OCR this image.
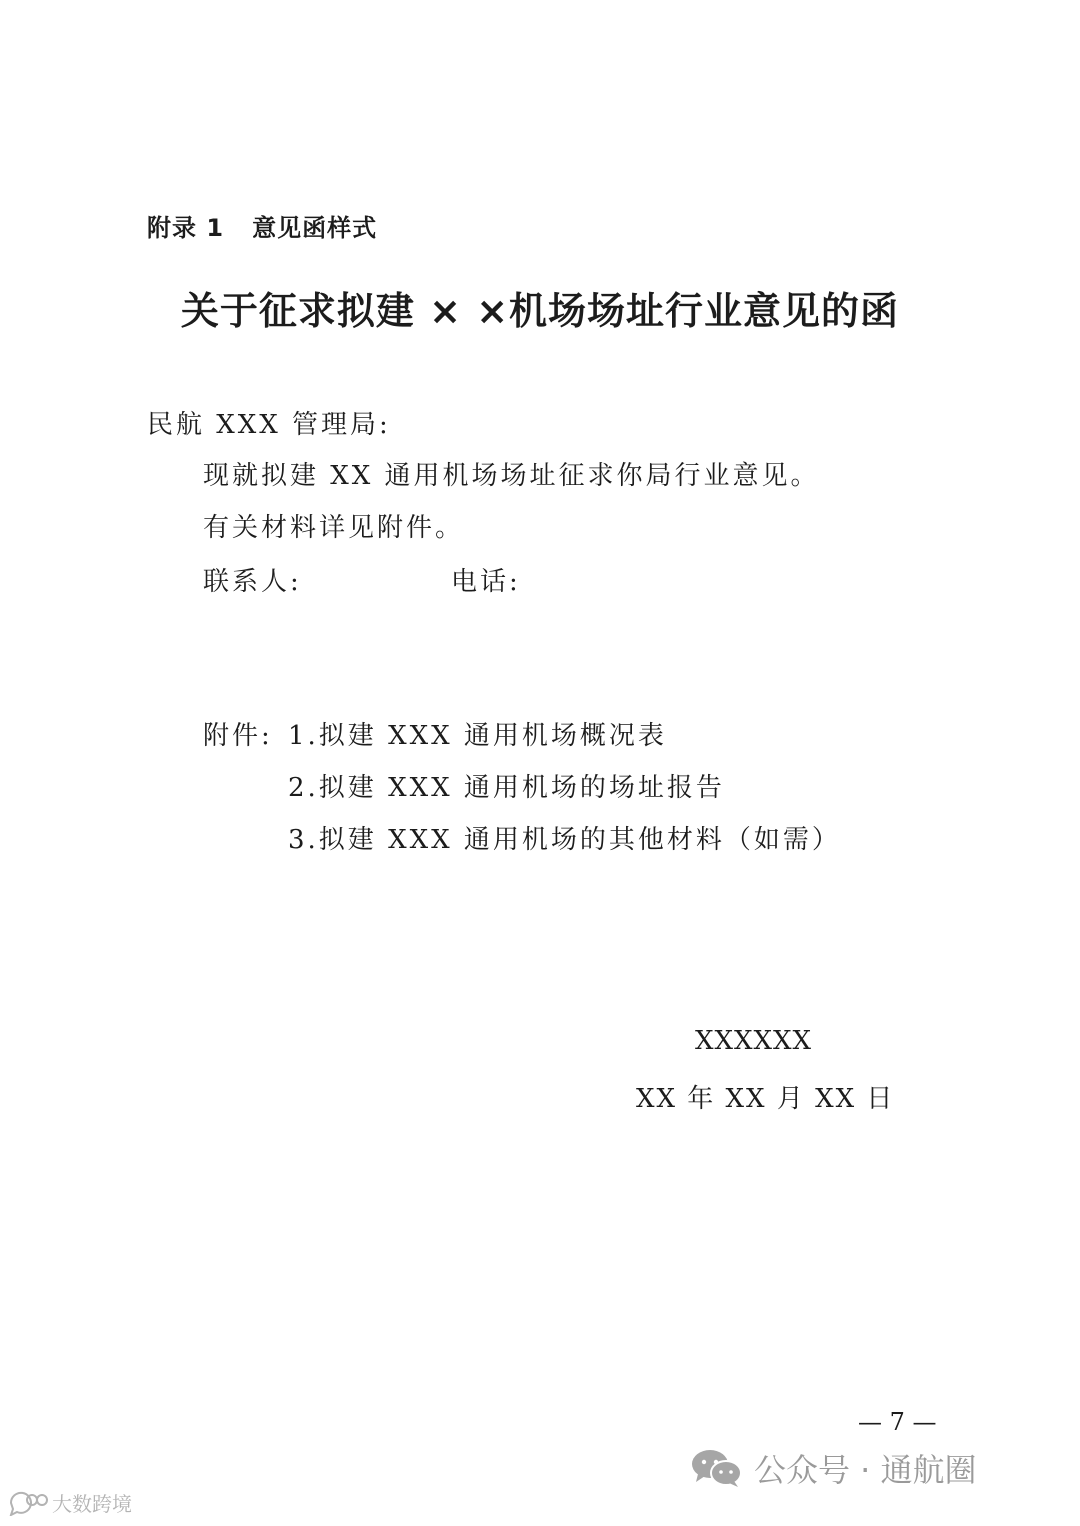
附录 1   意见函样式
关于征求拟建 × ×机场场址行业意见的函
民航 XXX 管理局:
现就拟建 XX 通用机场场址征求你局行业意见。
有关材料详见附件。
联系人:	电话:
附件: 1.拟建 XXX 通用机场概况表
2.拟建 XXX 通用机场的场址报告
3.拟建 XXX 通用机场的其他材料（如需）
XXXXXX
XX 年 XX 月 XX 日
— 7 —
公众号 · 通航圈
大数跨境
